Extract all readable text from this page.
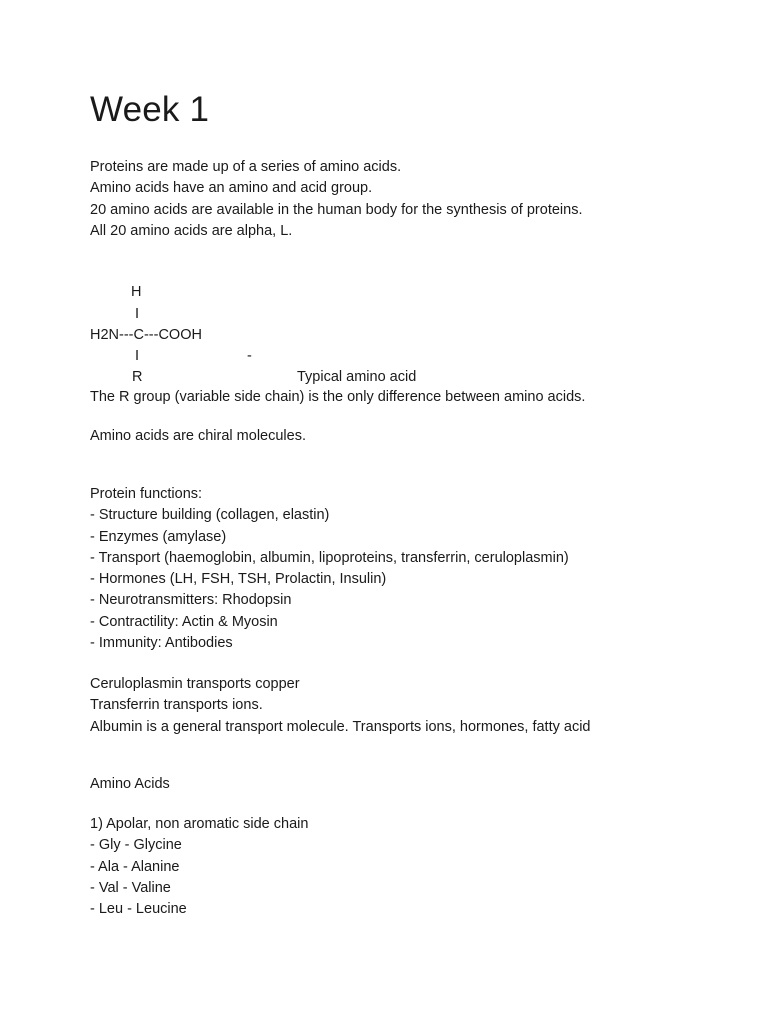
Week 1
Proteins are made up of a series of amino acids.
Amino acids have an amino and acid group.
20 amino acids are available in the human body for the synthesis of proteins.
All 20 amino acids are alpha, L.

H

I

H2N---C---COOH

-

Typical amino acid

I

R

The R group (variable side chain) is the only difference between amino acids.
Amino acids are chiral molecules.
Protein functions:
- Structure building (collagen, elastin)
- Enzymes (amylase)
- Transport (haemoglobin, albumin, lipoproteins, transferrin, ceruloplasmin)
- Hormones (LH, FSH, TSH, Prolactin, Insulin)
- Neurotransmitters: Rhodopsin
- Contractility: Actin & Myosin
- Immunity: Antibodies
Ceruloplasmin transports copper
Transferrin transports ions.
Albumin is a general transport molecule. Transports ions, hormones, fatty acid
Amino Acids
1) Apolar, non aromatic side chain
- Gly - Glycine
- Ala - Alanine
- Val - Valine
- Leu - Leucine
